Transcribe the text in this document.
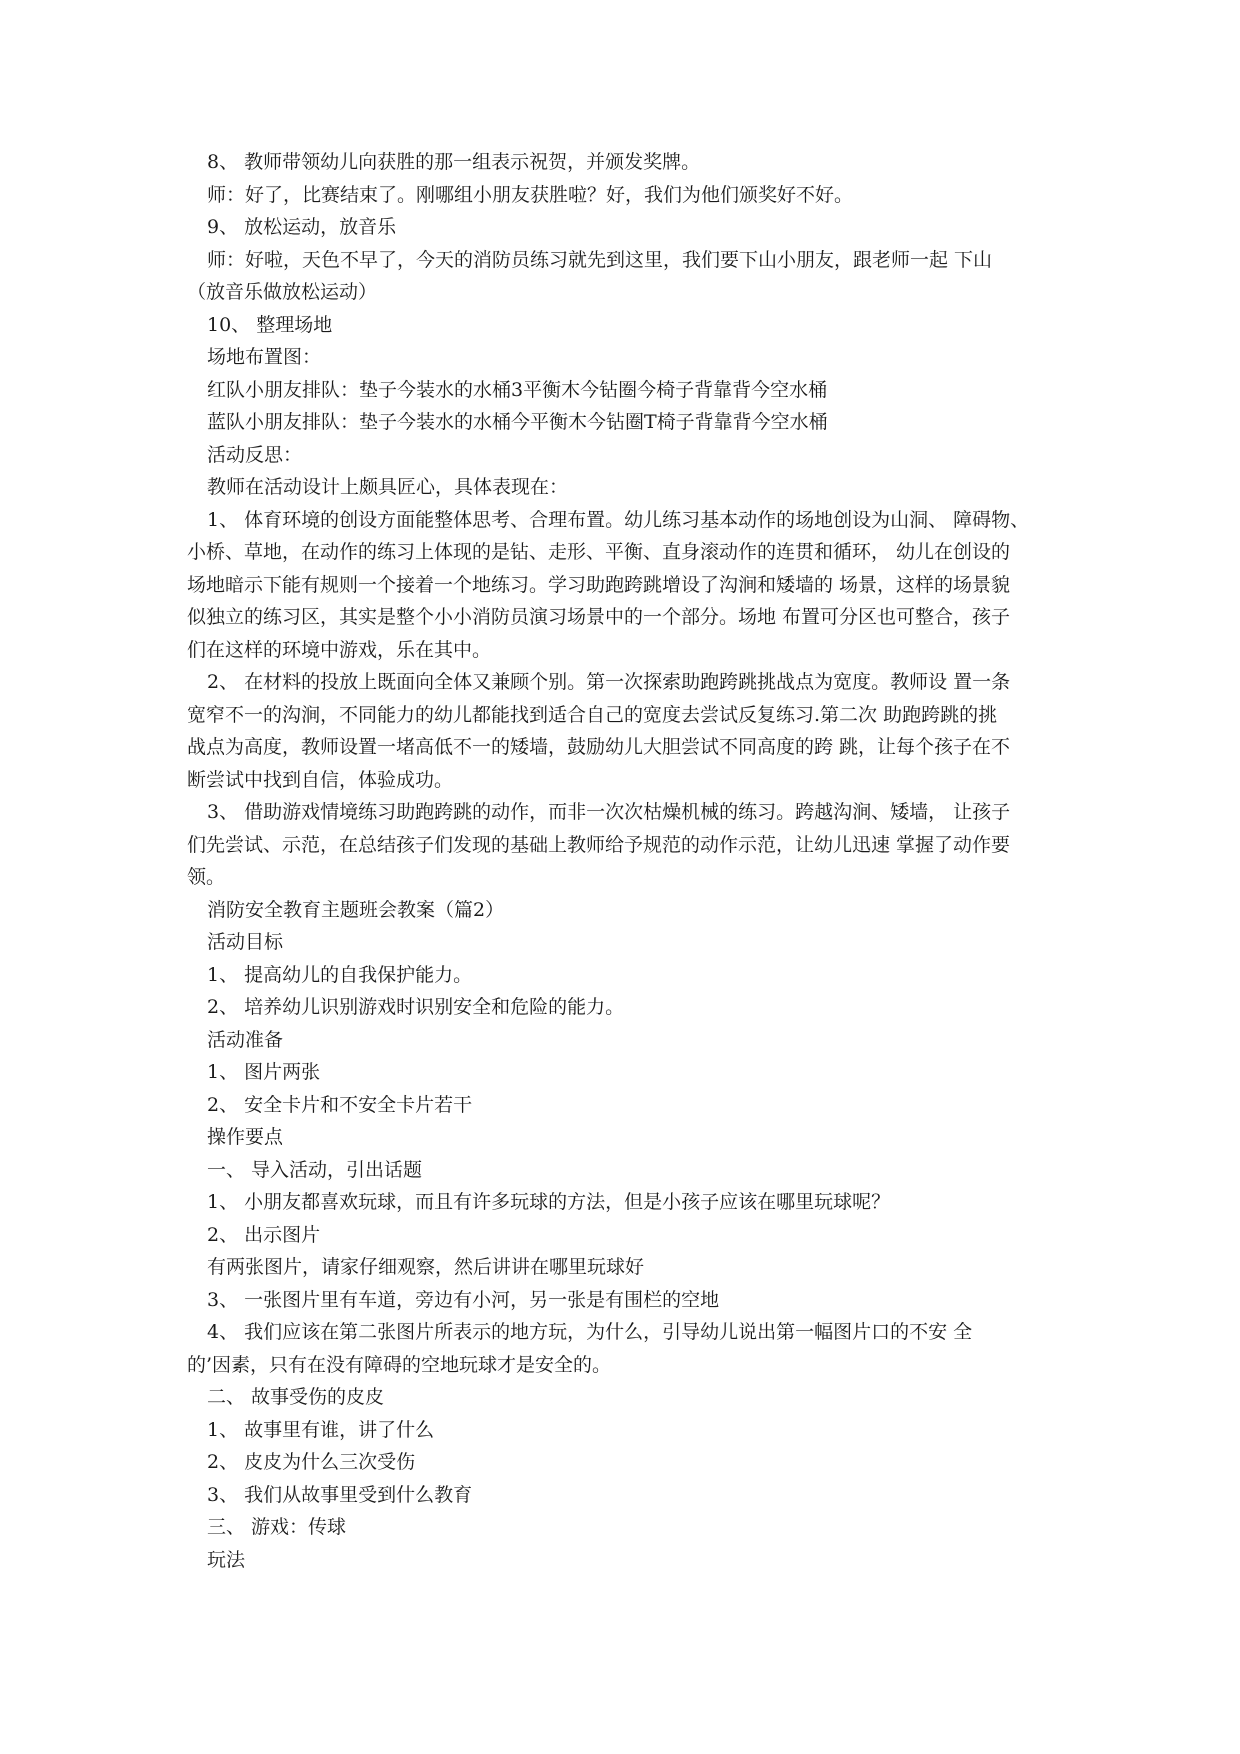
8、 教师带领幼儿向获胜的那一组表示祝贺，并颁发奖牌。

师：好了，比赛结束了。刚哪组小朋友获胜啦？好，我们为他们颁奖好不好。

9、 放松运动，放音乐

师：好啦，天色不早了，今天的消防员练习就先到这里，我们要下山小朋友，跟老师一起 下山

（放音乐做放松运动）

10、 整理场地

场地布置图：

红队小朋友排队：垫子今装水的水桶3平衡木今钻圈今椅子背靠背今空水桶

蓝队小朋友排队：垫子今装水的水桶今平衡木今钻圈T椅子背靠背今空水桶

活动反思：

教师在活动设计上颇具匠心，具体表现在：

1、 体育环境的创设方面能整体思考、合理布置。幼儿练习基本动作的场地创设为山洞、 障碍物、

小桥、草地，在动作的练习上体现的是钻、走形、平衡、直身滚动作的连贯和循环， 幼儿在创设的

场地暗示下能有规则一个接着一个地练习。学习助跑跨跳增设了沟涧和矮墙的 场景，这样的场景貌

似独立的练习区，其实是整个小小消防员演习场景中的一个部分。场地 布置可分区也可整合，孩子

们在这样的环境中游戏，乐在其中。

2、 在材料的投放上既面向全体又兼顾个别。第一次探索助跑跨跳挑战点为宽度。教师设 置一条

宽窄不一的沟涧，不同能力的幼儿都能找到适合自己的宽度去尝试反复练习.第二次 助跑跨跳的挑

战点为高度，教师设置一堵高低不一的矮墙，鼓励幼儿大胆尝试不同高度的跨 跳，让每个孩子在不

断尝试中找到自信，体验成功。

3、 借助游戏情境练习助跑跨跳的动作，而非一次次枯燥机械的练习。跨越沟涧、矮墙， 让孩子

们先尝试、示范，在总结孩子们发现的基础上教师给予规范的动作示范，让幼儿迅速 掌握了动作要

领。

消防安全教育主题班会教案（篇2）

活动目标

1、 提高幼儿的自我保护能力。

2、 培养幼儿识别游戏时识别安全和危险的能力。

活动准备

1、 图片两张

2、 安全卡片和不安全卡片若干

操作要点

一、 导入活动，引出话题

1、 小朋友都喜欢玩球，而且有许多玩球的方法，但是小孩子应该在哪里玩球呢？

2、 出示图片

有两张图片，请家仔细观察，然后讲讲在哪里玩球好

3、 一张图片里有车道，旁边有小河，另一张是有围栏的空地

4、 我们应该在第二张图片所表示的地方玩，为什么，引导幼儿说出第一幅图片口的不安 全

的’因素，只有在没有障碍的空地玩球才是安全的。

二、 故事受伤的皮皮

1、 故事里有谁，讲了什么

2、 皮皮为什么三次受伤

3、 我们从故事里受到什么教育

三、 游戏：传球

玩法
